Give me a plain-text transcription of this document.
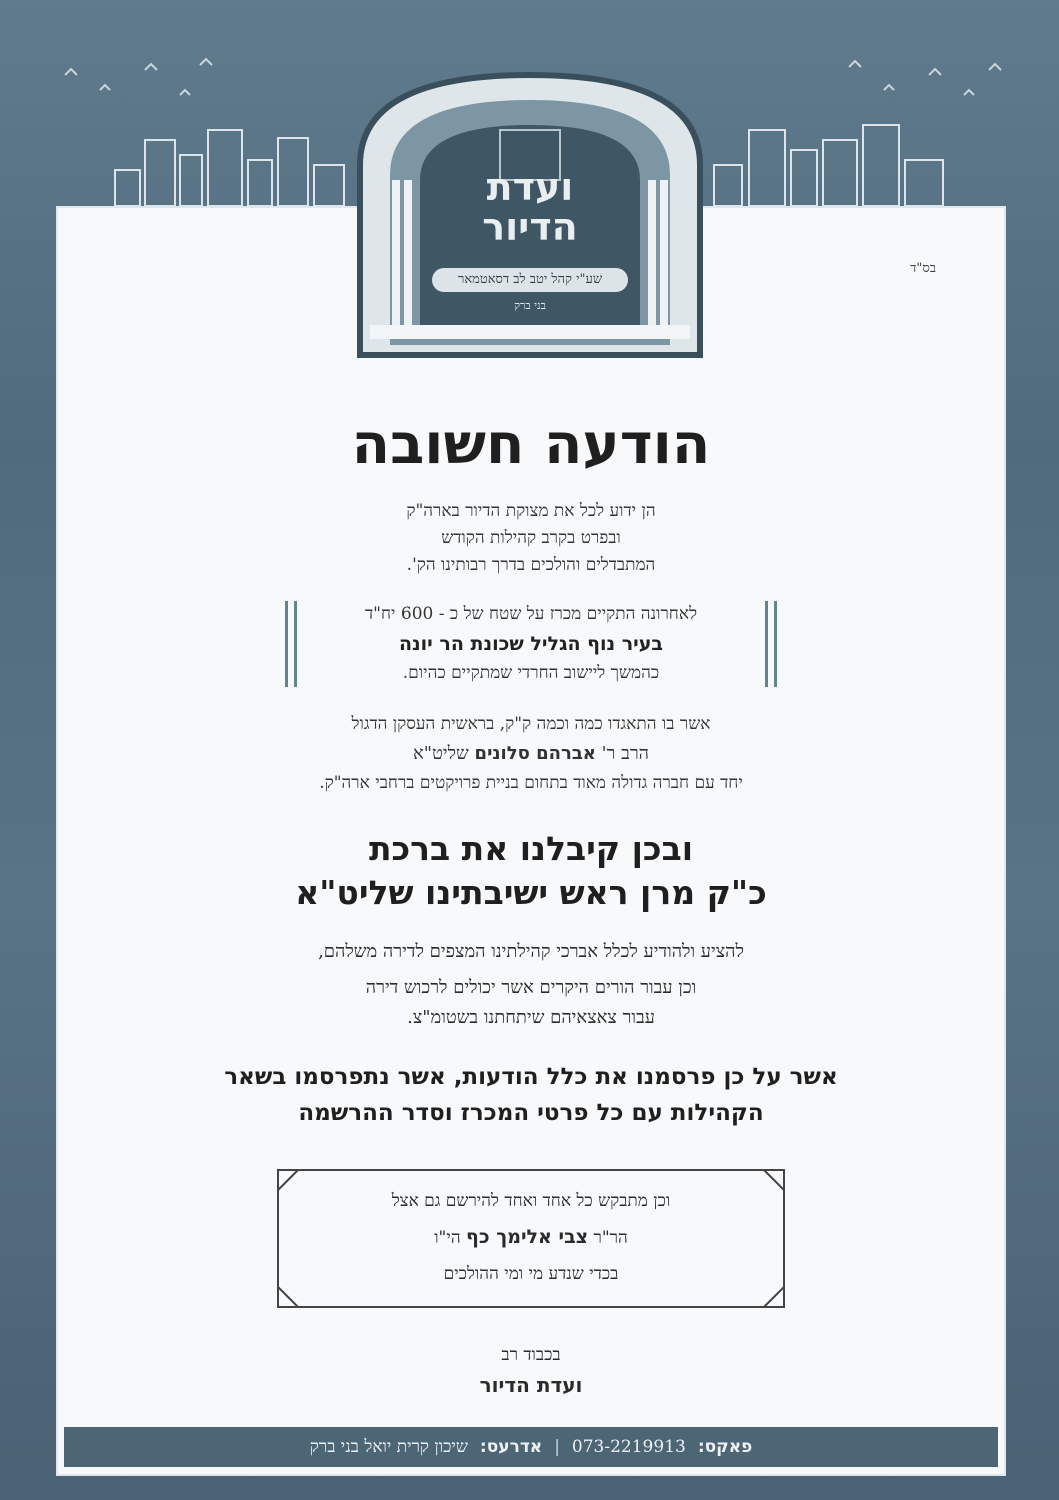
בס"ד
ועדת
הדיור
שע"י קהל יטב לב דסאטמאר
בני ברק
הודעה חשובה
הן ידוע לכל את מצוקת הדיור בארה"ק
ובפרט בקרב קהילות הקודש
המתבדלים והולכים בדרך רבותינו הק'.
לאחרונה התקיים מכרז על שטח של כ - 600 יח"ד
בעיר נוף הגליל שכונת הר יונה
כהמשך ליישוב החרדי שמתקיים כהיום.
אשר בו התאגדו כמה וכמה ק"ק, בראשית העסקן הדגול
הרב ר' אברהם סלונים שליט"א
יחד עם חברה גדולה מאוד בתחום בניית פרויקטים ברחבי ארה"ק.
ובכן קיבלנו את ברכת
כ"ק מרן ראש ישיבתינו שליט"א
להציע ולהודיע לכלל אברכי קהילתינו המצפים לדירה משלהם,
וכן עבור הורים היקרים אשר יכולים לרכוש דירה
עבור צאצאיהם שיתחתנו בשטומ"צ.
אשר על כן פרסמנו את כלל הודעות, אשר נתפרסמו בשאר
הקהילות עם כל פרטי המכרז וסדר ההרשמה
וכן מתבקש כל אחד ואחד להירשם גם אצל
הר"ר צבי אלימך כף הי"ו
בכדי שנדע מי ומי ההולכים
בכבוד רב
ועדת הדיור
פאקס:
073-2219913
|
אדרעס:
שיכון קרית יואל בני ברק
